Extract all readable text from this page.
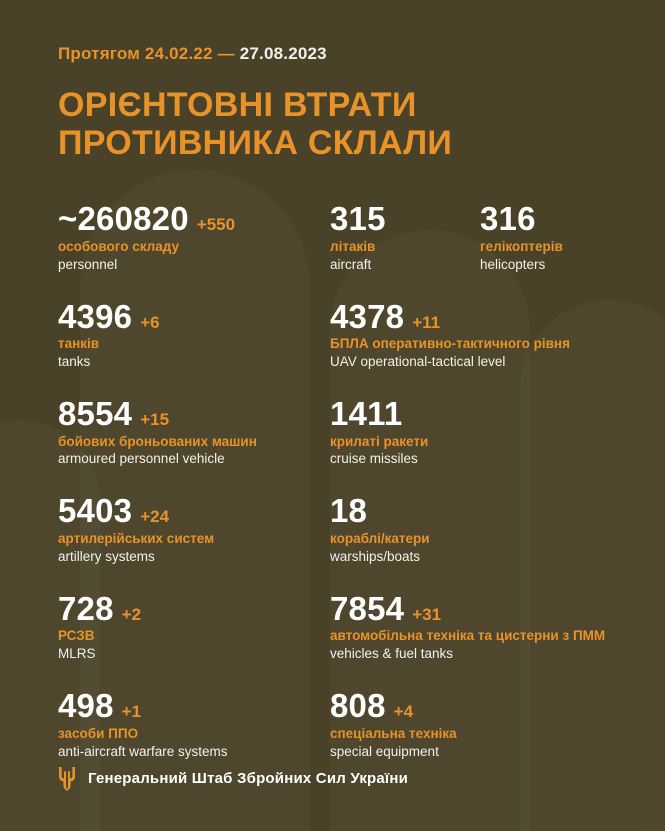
Протягом 24.02.22 — 27.08.2023
ОРІЄНТОВНІ ВТРАТИ
ПРОТИВНИКА СКЛАЛИ
~260820 +550
особового складу
personnel
315
літаків
aircraft
316
гелікоптерів
helicopters
4396 +6
танків
tanks
8554 +15
бойових броньованих машин
armoured personnel vehicle
5403 +24
артилерійських систем
artillery systems
728 +2
РСЗВ
MLRS
498 +1
засоби ППО
anti-aircraft warfare systems
4378 +11
БПЛА оперативно-тактичного рівня
UAV operational-tactical level
1411
крилаті ракети
cruise missiles
18
кораблі/катери
warships/boats
7854 +31
автомобільна техніка та цистерни з ПММ
vehicles & fuel tanks
808 +4
спеціальна техніка
special equipment
Генеральний Штаб Збройних Сил України
